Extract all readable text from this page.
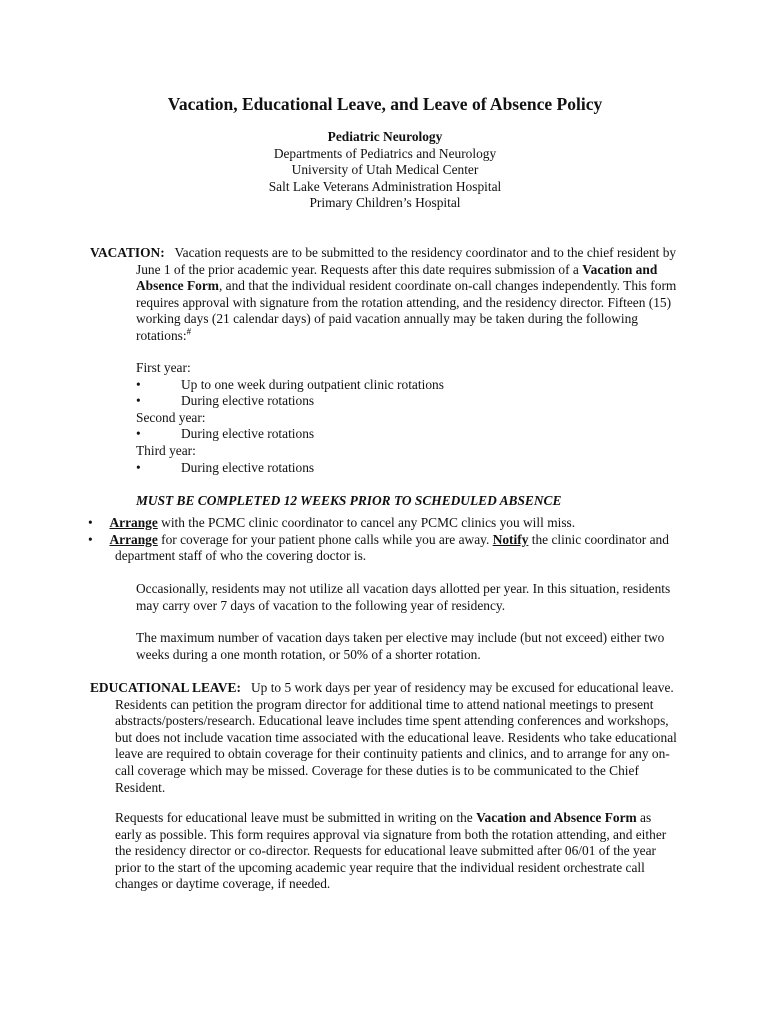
Vacation, Educational Leave, and Leave of Absence Policy
Pediatric Neurology
Departments of Pediatrics and Neurology
University of Utah Medical Center
Salt Lake Veterans Administration Hospital
Primary Children’s Hospital

VACATION: Vacation requests are to be submitted to the residency coordinator and to the chief resident by June 1 of the prior academic year. Requests after this date requires submission of a Vacation and Absence Form, and that the individual resident coordinate on-call changes independently. This form requires approval with signature from the rotation attending, and the residency director. Fifteen (15) working days (21 calendar days) of paid vacation annually may be taken during the following rotations:#

First year:
•	Up to one week during outpatient clinic rotations
•	During elective rotations
Second year:
•	During elective rotations
Third year:
•	During elective rotations
MUST BE COMPLETED 12 WEEKS PRIOR TO SCHEDULED ABSENCE

• Arrange with the PCMC clinic coordinator to cancel any PCMC clinics you will miss.

• Arrange for coverage for your patient phone calls while you are away. Notify the clinic coordinator and department staff of who the covering doctor is.

Occasionally, residents may not utilize all vacation days allotted per year. In this situation, residents may carry over 7 days of vacation to the following year of residency.

The maximum number of vacation days taken per elective may include (but not exceed) either two weeks during a one month rotation, or 50% of a shorter rotation.

EDUCATIONAL LEAVE: Up to 5 work days per year of residency may be excused for educational leave. Residents can petition the program director for additional time to attend national meetings to present abstracts/posters/research. Educational leave includes time spent attending conferences and workshops, but does not include vacation time associated with the educational leave. Residents who take educational leave are required to obtain coverage for their continuity patients and clinics, and to arrange for any on-call coverage which may be missed. Coverage for these duties is to be communicated to the Chief Resident.

Requests for educational leave must be submitted in writing on the Vacation and Absence Form as early as possible. This form requires approval via signature from both the rotation attending, and either the residency director or co-director. Requests for educational leave submitted after 06/01 of the year prior to the start of the upcoming academic year require that the individual resident orchestrate call changes or daytime coverage, if needed.
